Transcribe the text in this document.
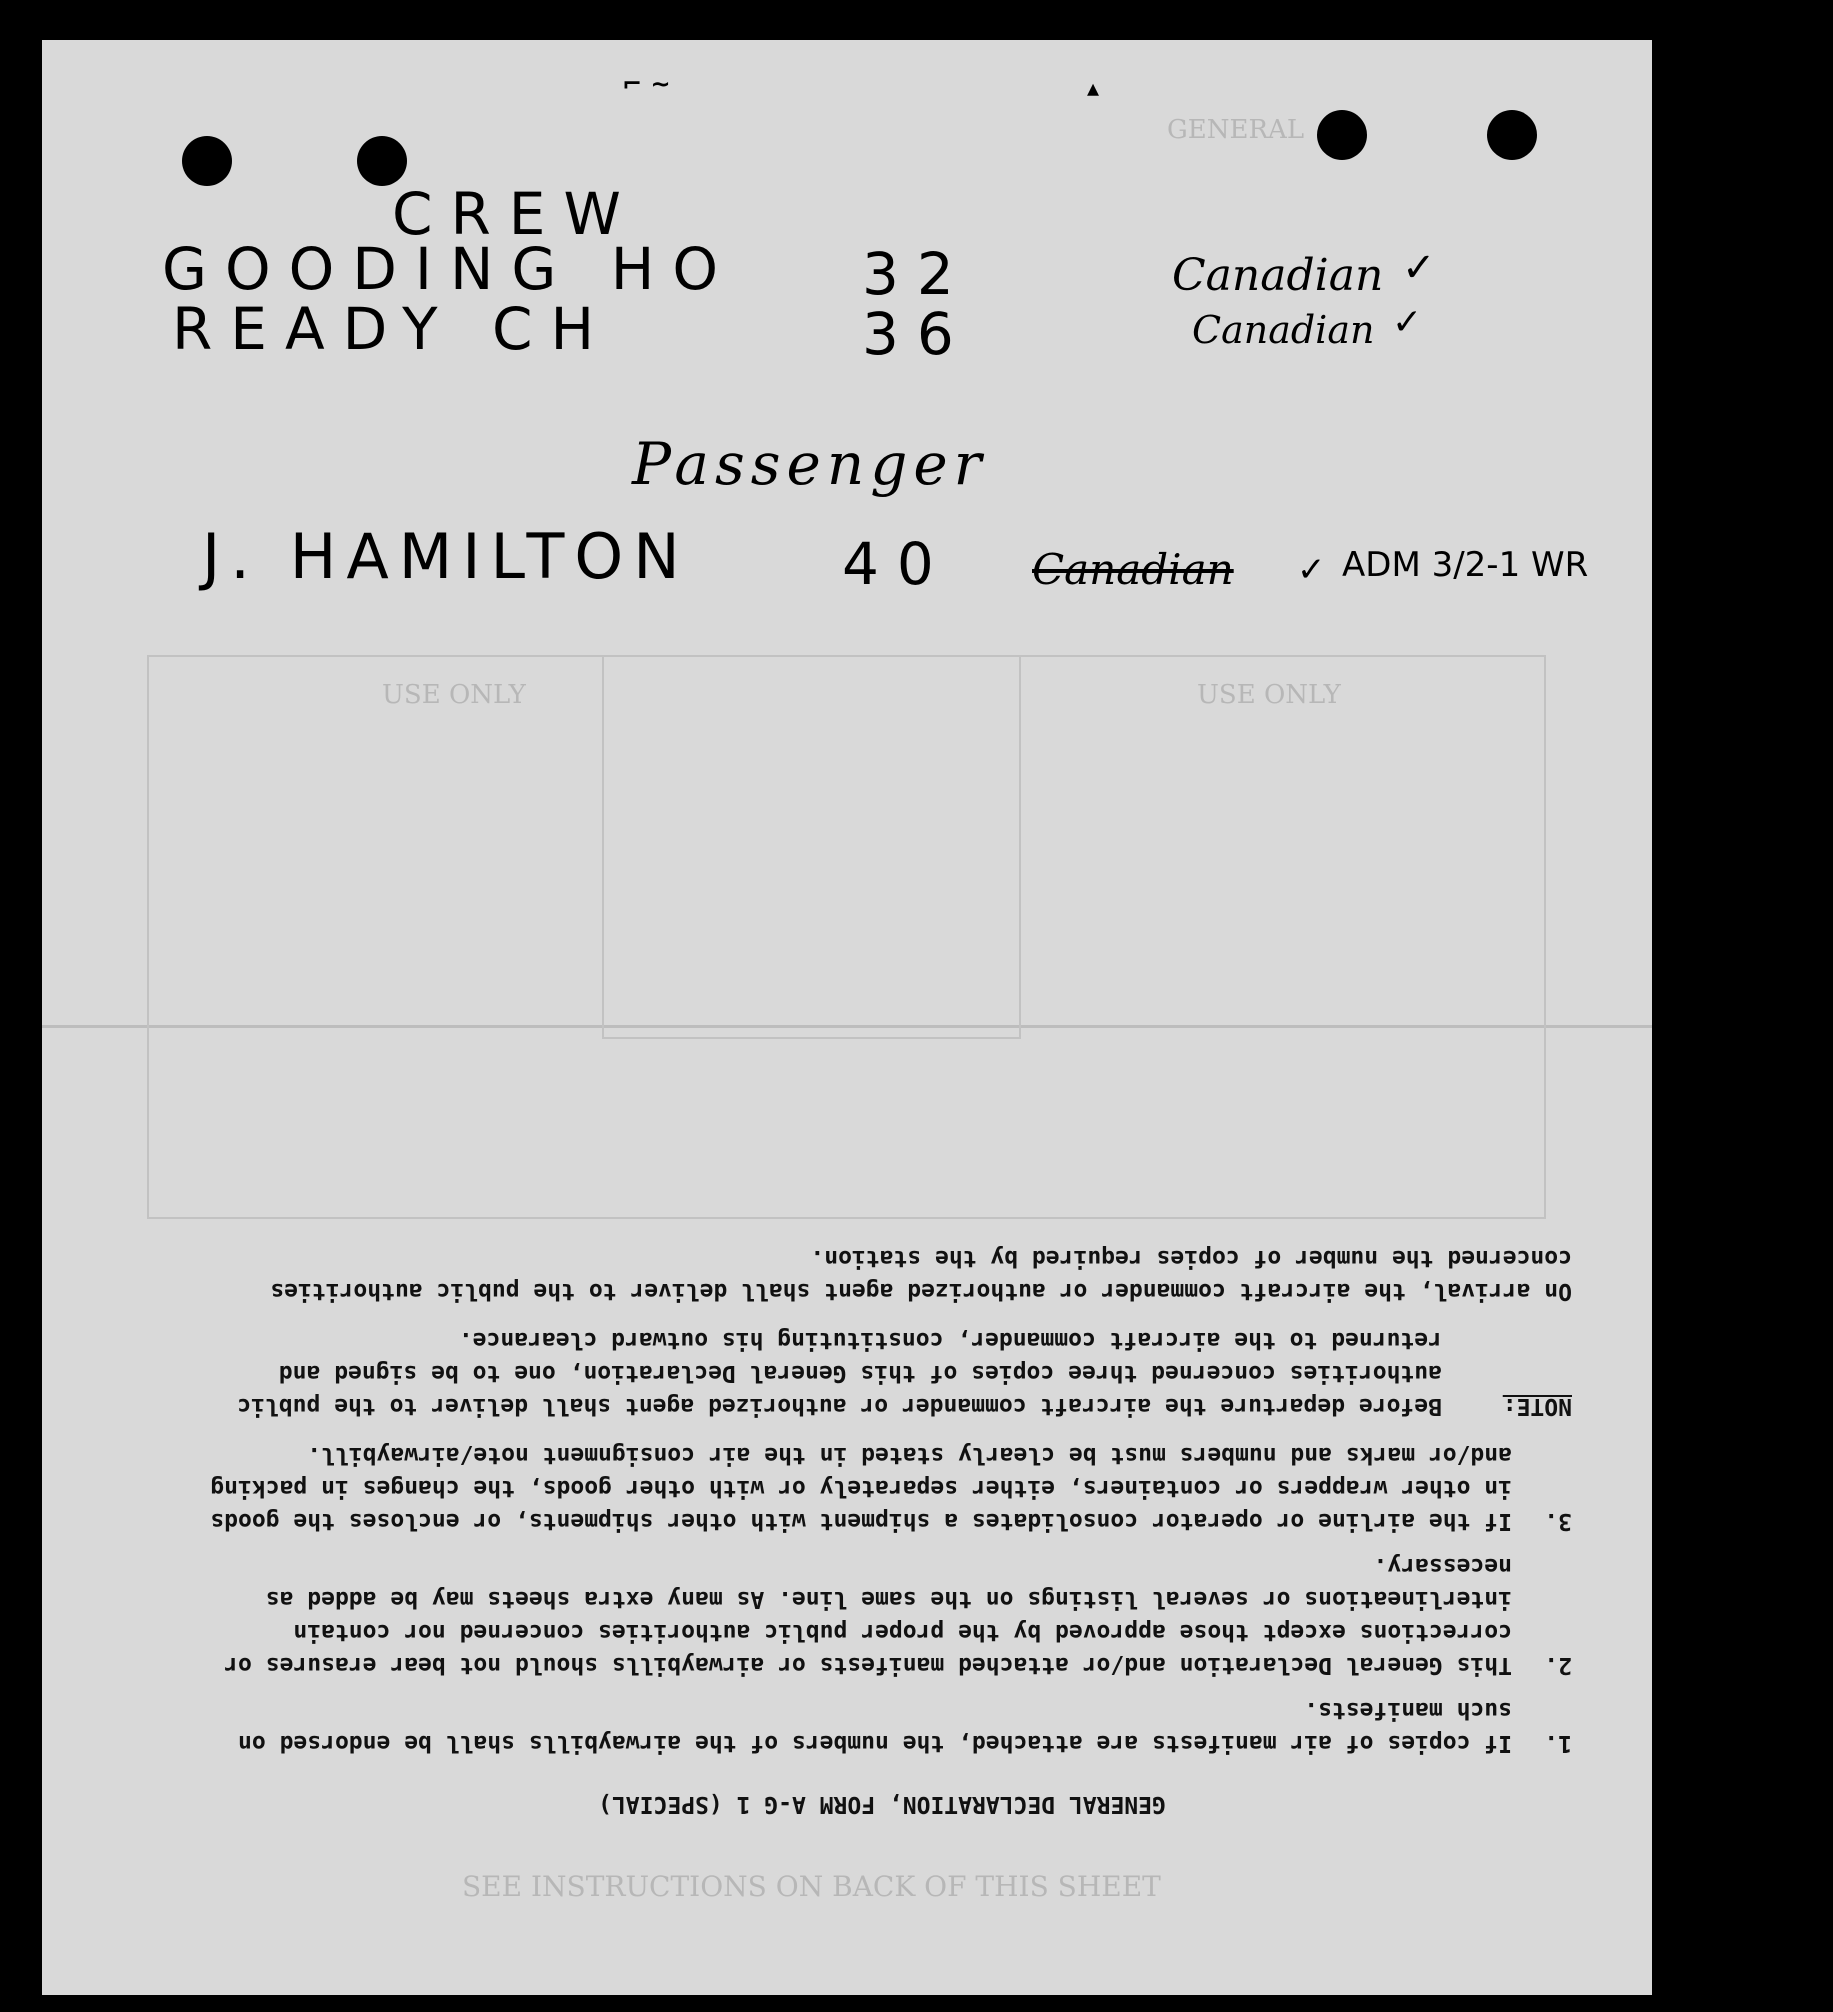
⌐ ~	▴
GENERAL
USE ONLY
USE ONLY
SEE INSTRUCTIONS ON BACK OF THIS SHEET
CREW
GOODING HO 32	Canadian ✓
READY CH	36	Canadian ✓
Passenger
J. HAMILTON	40 Canadian ✓ ADM 3/2-1 WR
GENERAL DECLARATION, FORM A-G 1 (SPECIAL)
1.
If copies of air manifests are attached, the numbers of the airwaybills shall be endorsed on such manifests.
2.
This General Declaration and/or attached manifests or airwaybills should not bear erasures or corrections except those approved by the proper public authorities concerned nor contain interlineations or several listings on the same line. As many extra sheets may be added as necessary.
3.
If the airline or operator consolidates a shipment with other shipments, or encloses the goods in other wrappers or containers, either separately or with other goods, the changes in packing and/or marks and numbers must be clearly stated in the air consignment note/airwaybill.
NOTE:
Before departure the aircraft commander or authorized agent shall deliver to the public authorities concerned three copies of this General Declaration, one to be signed and returned to the aircraft commander, constituting his outward clearance.
On arrival, the aircraft commander or authorized agent shall deliver to the public authorities concerned the number of copies required by the station.
